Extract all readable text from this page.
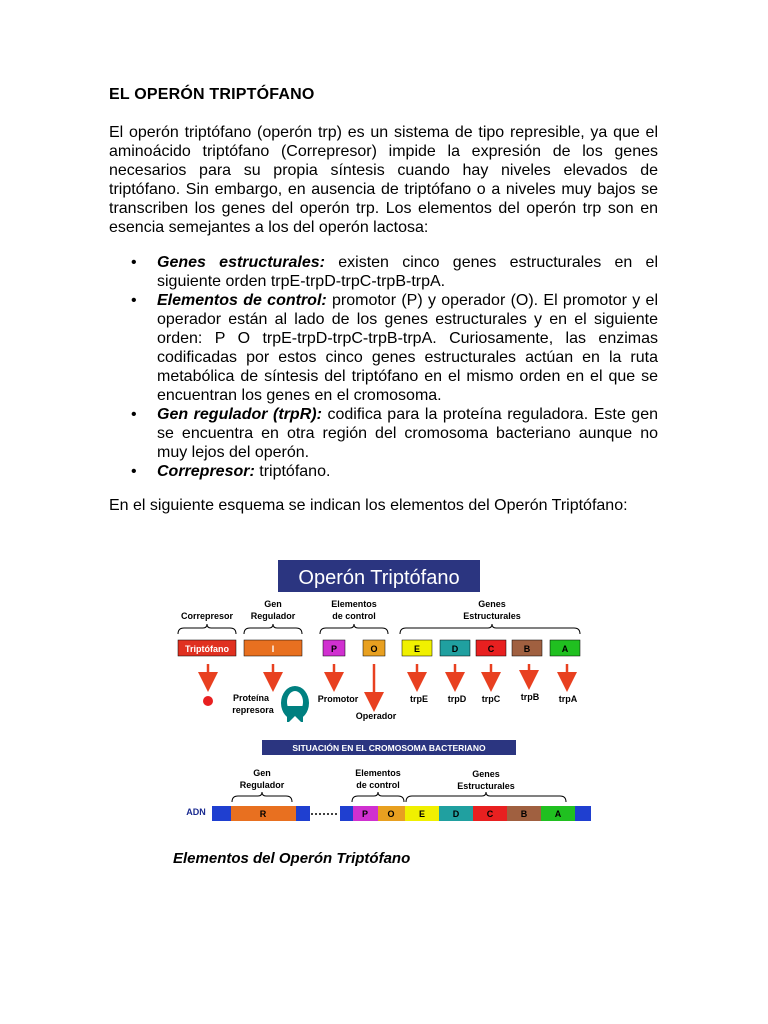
EL OPERÓN TRIPTÓFANO
El operón triptófano (operón trp) es un sistema de tipo represible, ya que el aminoácido triptófano (Correpresor) impide la expresión de los genes necesarios para su propia síntesis cuando hay niveles elevados de triptófano. Sin embargo, en ausencia de triptófano o a niveles muy bajos se transcriben los genes del operón trp. Los elementos del operón trp son en esencia semejantes a los del operón lactosa:
• Genes estructurales: existen cinco genes estructurales en el siguiente orden trpE-trpD-trpC-trpB-trpA.
• Elementos de control: promotor (P) y operador (O). El promotor y el operador están al lado de los genes estructurales y en el siguiente orden: P O trpE-trpD-trpC-trpB-trpA. Curiosamente, las enzimas codificadas por estos cinco genes estructurales actúan en la ruta metabólica de síntesis del triptófano en el mismo orden en el que se encuentran los genes en el cromosoma.
• Gen regulador (trpR): codifica para la proteína reguladora. Este gen se encuentra en otra región del cromosoma bacteriano aunque no muy lejos del operón.
• Correpresor: triptófano.
En el siguiente esquema se indican los elementos del Operón Triptófano:
Operón Triptófano
Correpresor
Gen
Regulador
Elementos
de control
Genes
Estructurales
Triptófano	I	P	O	E	D	C	B	A
Proteína
represora
Promotor
Operador
trpE trpD trpC trpB trpA
SITUACIÓN EN EL CROMOSOMA BACTERIANO
Gen
Regulador
Elementos
de control
Genes
Estructurales
ADN	R	P O	E	D	C	B	A
Elementos del Operón Triptófano
